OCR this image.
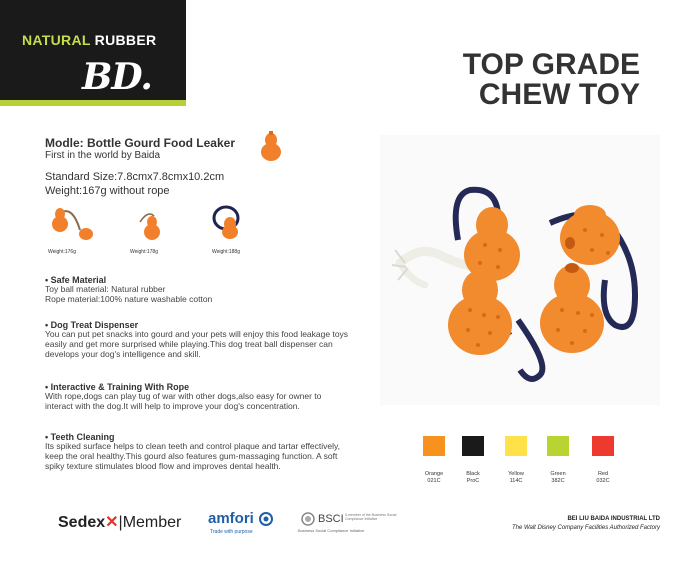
NATURAL RUBBER
BD.	TOP GRADE
CHEW TOY
Modle: Bottle Gourd Food Leaker
First in the world by Baida
Standard Size:7.8cmx7.8cmx10.2cm
Weight:167g without rope
Weight:176g	Weight:178g	Weight:188g
• Safe Material
Toy ball material: Natural rubber
Rope material:100% nature washable cotton
• Dog Treat Dispenser
You can put pet snacks into gourd and your pets will enjoy this food leakage toys
easily and get more surprised while playing.This dog treat ball dispenser can
develops your dog's intelligence and skill.
• Interactive & Training With Rope
With rope,dogs can play tug of war with other dogs,also easy for owner to
interact with the dog.It will help to improve your dog's concentration.
• Teeth Cleaning
Its spiked surface helps to clean teeth and control plaque and tartar effectively,
keep the oral healthy.This gourd also features gum-massaging function. A soft
spiky texture stimulates blood flow and improves dental health.
Orange
021C
Black
ProC
Yellow
114C
Green
382C
Red
032C
Sedex✕|Member amfori
Trade with purpose
BSCI A member of the Business Social Compliance Initiative
Business Social Compliance Initiative
BEI LIU BAIDA INDUSTRIAL LTD
The Walt Disney Company Facilities Authorized Factory
